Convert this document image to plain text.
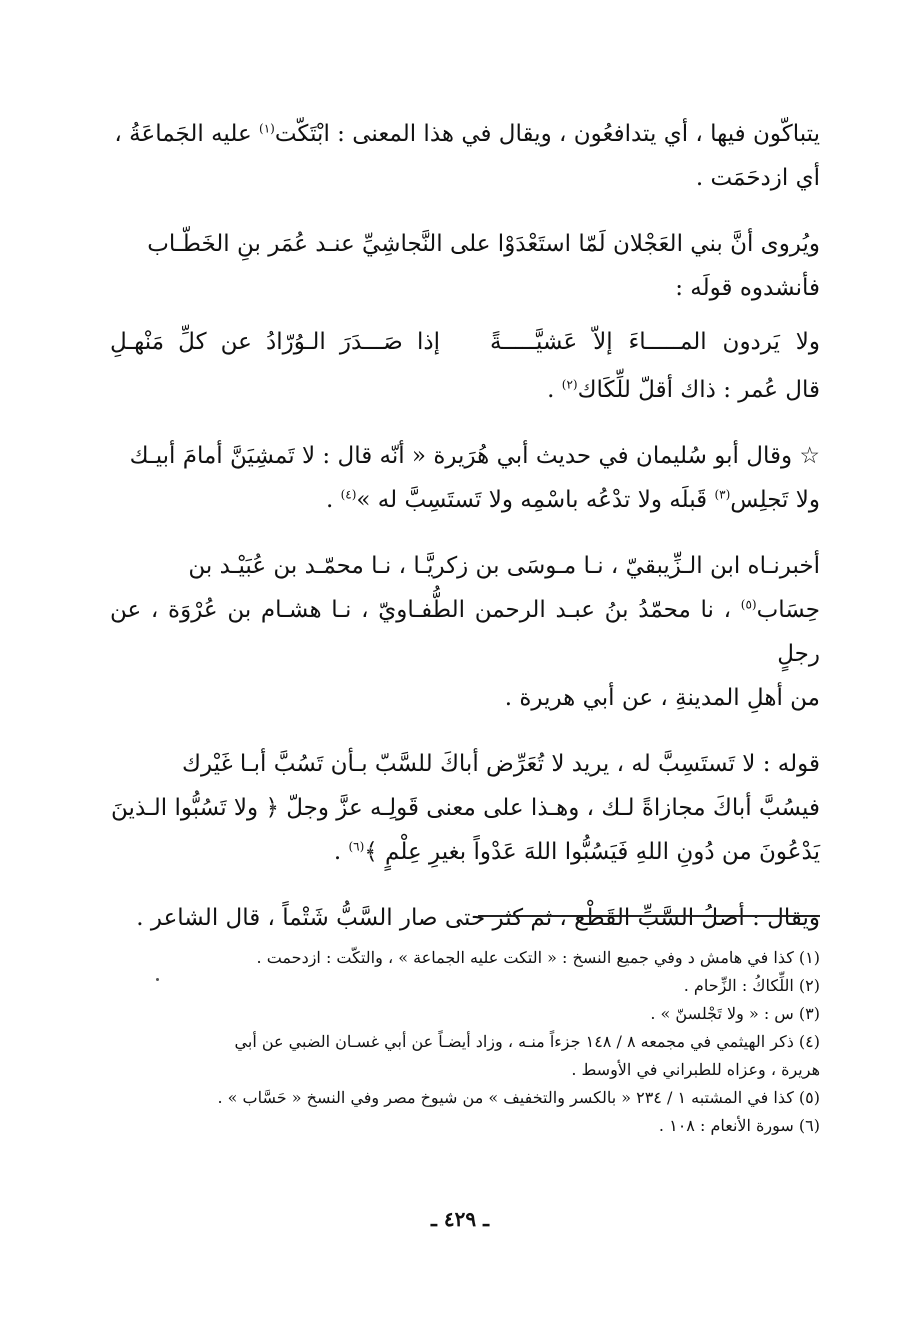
يتباكّون فيها ، أي يتدافعُون ، ويقال في هذا المعنى : ابْتَكّت$^{(١)}$ عليه الجَماعَةُ ،
أي ازدحَمَت .

ويُروى أنَّ بني العَجْلان لَمّا استَعْدَوْا على النَّجاشِيِّ عنـد عُمَر بنِ الخَطّـاب
فأنشدوه قولَه :

ولا يَردون المـــــاءَ إلاّ عَشيَّـــــةً
إذا صَـــدَرَ الـوُرّادُ عن كلِّ مَنْهـلِ

قال عُمر : ذاك أقلّ للِّكَاك$^{(٢)}$ .

☆ وقال أبو سُليمان في حديث أبي هُرَيرة « أنّه قال : لا تَمشِيَنَّ أمامَ أبيـك
ولا تَجلِس$^{(٣)}$ قَبلَه ولا تدْعُه باسْمِه ولا تَستَسِبَّ له »$^{(٤)}$ .

أخبرنـاه ابن الـزِّيبقيّ ، نـا مـوسَى بن زكريَّـا ، نـا محمّـد بن عُبَيْـد بن
حِسَاب$^{(٥)}$ ، نا محمّدُ بنُ عبـد الرحمن الطُّفـاويّ ، نـا هشـام بن عُرْوَة ، عن رجلٍ
من أهلِ المدينةِ ، عن أبي هريرة .

قوله : لا تَستَسِبَّ له ، يريد لا تُعَرِّض أباكَ للسَّبّ بـأن تَسُبَّ أبـا غَيْرك
فيسُبَّ أباكَ مجازاةً لـك ، وهـذا على معنى قَولِـه عزَّ وجلّ ﴿ ولا تَسُبُّوا الـذينَ
يَدْعُونَ من دُونِ اللهِ فَيَسُبُّوا اللهَ عَدْواً بغيرِ عِلْمٍ ﴾$^{(٦)}$ .

ويقال : أصلُ السَّبِّ القَطْع ، ثم كثر حتى صار السَّبُّ شَتْماً ، قال الشاعر .

(١) كذا في هامش د وفي جميع النسخ : « التكت عليه الجماعة » ، والتكّت : ازدحمت .
(٢) اللِّكاكُ : الزِّحام .
(٣) س : « ولا تَجْلسنّ » .
(٤) ذكر الهيثمي في مجمعه ٨ / ١٤٨ جزءاً منـه ، وزاد أيضـاً عن أبي غسـان الضبي عن أبي
هريرة ، وعزاه للطبراني في الأوسط .
(٥) كذا في المشتبه ١ / ٢٣٤ « بالكسر والتخفيف » من شيوخ مصر وفي النسخ « حَسَّاب » .
(٦) سورة الأنعام : ١٠٨ .
ـ ٤٢٩ ـ
